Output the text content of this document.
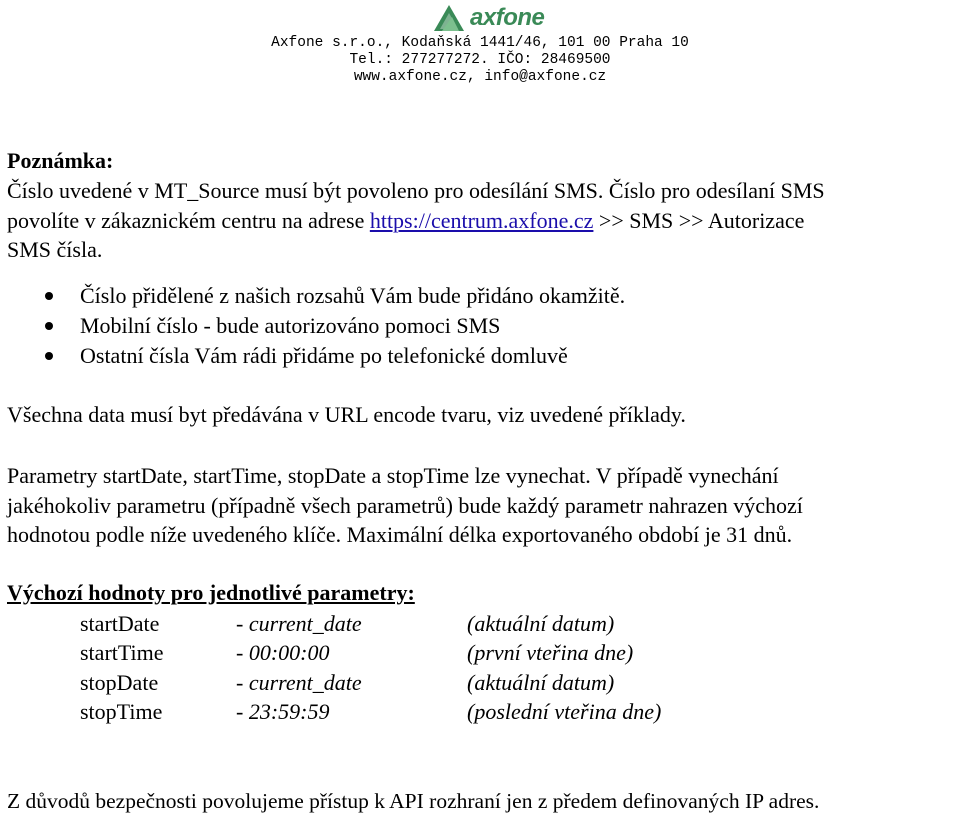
axfone
Axfone s.r.o., Kodaňská 1441/46, 101 00 Praha 10
Tel.: 277277272. IČO: 28469500
www.axfone.cz, info@axfone.cz
Poznámka:
Číslo uvedené v MT_Source musí být povoleno pro odesílání SMS. Číslo pro odesílaní SMS
povolíte v zákaznickém centru na adrese https://centrum.axfone.cz >> SMS >> Autorizace
SMS čísla.
Číslo přidělené z našich rozsahů Vám bude přidáno okamžitě.
Mobilní číslo - bude autorizováno pomoci SMS
Ostatní čísla Vám rádi přidáme po telefonické domluvě
Všechna data musí byt předávána v URL encode tvaru, viz uvedené příklady.
Parametry startDate, startTime, stopDate a stopTime lze vynechat. V případě vynechání
jakéhokoliv parametru (případně všech parametrů) bude každý parametr nahrazen výchozí
hodnotou podle níže uvedeného klíče. Maximální délka exportovaného období je 31 dnů.
Výchozí hodnoty pro jednotlivé parametry:
startDate	- current_date	(aktuální datum)
startTime	- 00:00:00	(první vteřina dne)
stopDate	- current_date	(aktuální datum)
stopTime	- 23:59:59	(poslední vteřina dne)
Z důvodů bezpečnosti povolujeme přístup k API rozhraní jen z předem definovaných IP adres.
